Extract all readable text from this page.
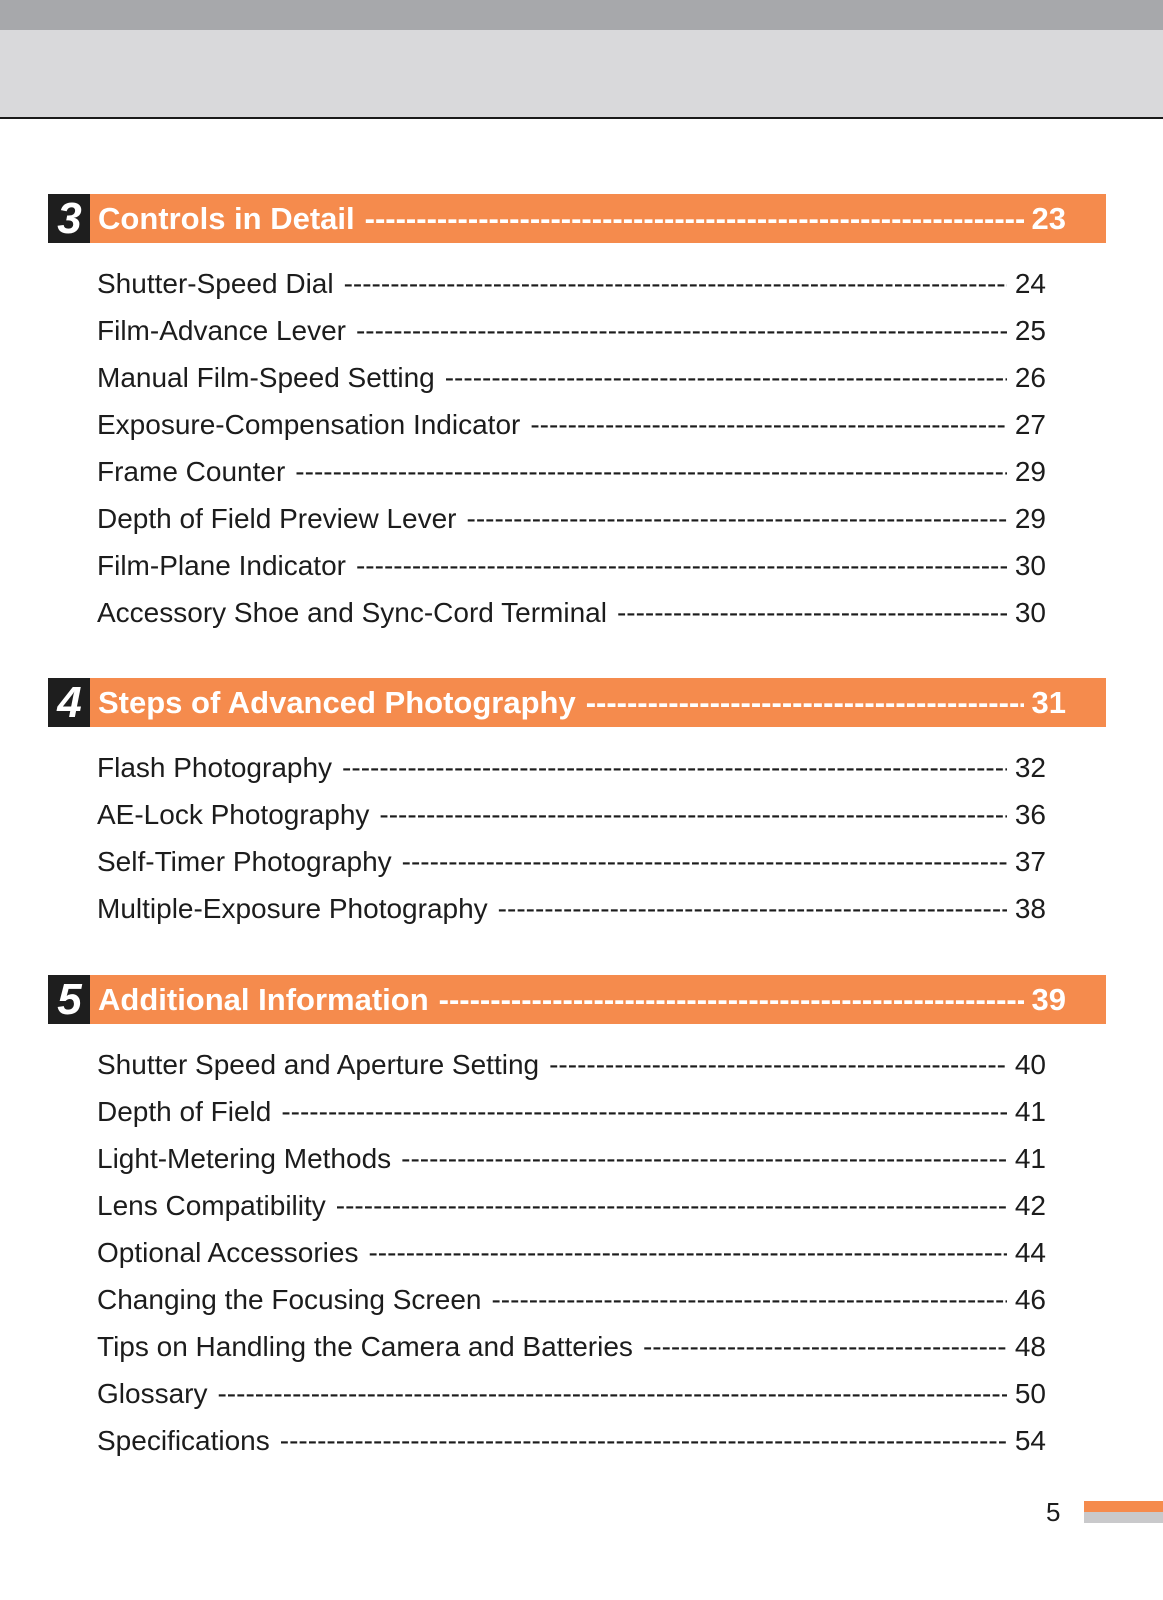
3 Controls in Detail -----	23
Shutter-Speed Dial -----	24
Film-Advance Lever -----	25
Manual Film-Speed Setting -----	26
Exposure-Compensation Indicator -----	27
Frame Counter -----	29
Depth of Field Preview Lever -----	29
Film-Plane Indicator -----	30
Accessory Shoe and Sync-Cord Terminal -----	30
4 Steps of Advanced Photography -----	31
Flash Photography -----	32
AE-Lock Photography -----	36
Self-Timer Photography -----	37
Multiple-Exposure Photography -----	38
5 Additional Information -----	39
Shutter Speed and Aperture Setting -----	40
Depth of Field -----	41
Light-Metering Methods -----	41
Lens Compatibility -----	42
Optional Accessories -----	44
Changing the Focusing Screen -----	46
Tips on Handling the Camera and Batteries -----	48
Glossary -----	50
Specifications -----	54
5
